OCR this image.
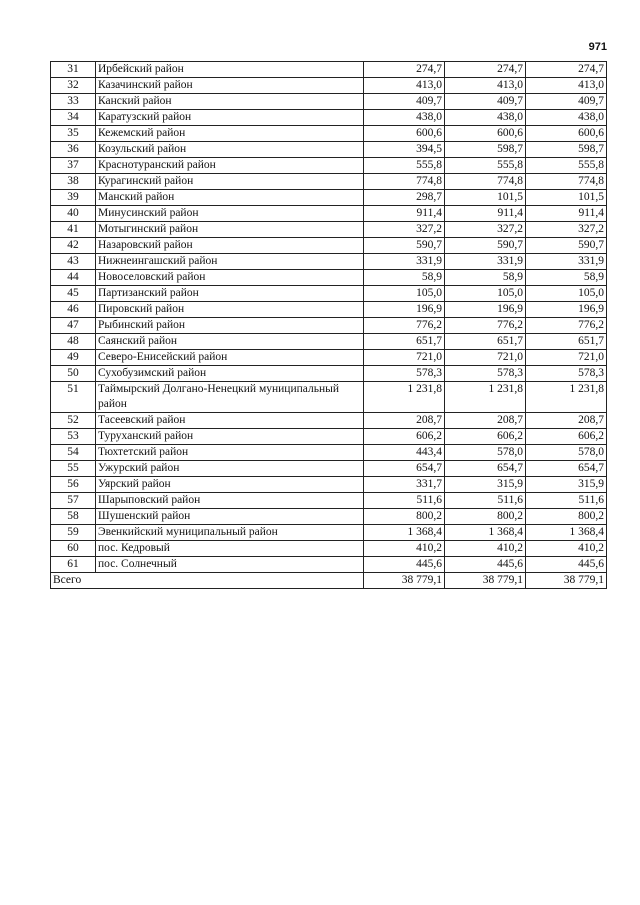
971
31	Ирбейский район	274,7	274,7	274,7
32	Казачинский район	413,0	413,0	413,0
33	Канский район	409,7	409,7	409,7
34	Каратузский район	438,0	438,0	438,0
35	Кежемский район	600,6	600,6	600,6
36	Козульский район	394,5	598,7	598,7
37	Краснотуранский район	555,8	555,8	555,8
38	Курагинский район	774,8	774,8	774,8
39	Манский район	298,7	101,5	101,5
40	Минусинский район	911,4	911,4	911,4
41	Мотыгинский район	327,2	327,2	327,2
42	Назаровский район	590,7	590,7	590,7
43	Нижнеингашский район	331,9	331,9	331,9
44	Новоселовский район	58,9	58,9	58,9
45	Партизанский район	105,0	105,0	105,0
46	Пировский район	196,9	196,9	196,9
47	Рыбинский район	776,2	776,2	776,2
48	Саянский район	651,7	651,7	651,7
49	Северо-Енисейский район	721,0	721,0	721,0
50	Сухобузимский район	578,3	578,3	578,3
51	Таймырский Долгано-Ненецкий муниципальный район	1 231,8	1 231,8	1 231,8
52	Тасеевский район	208,7	208,7	208,7
53	Туруханский район	606,2	606,2	606,2
54	Тюхтетский район	443,4	578,0	578,0
55	Ужурский район	654,7	654,7	654,7
56	Уярский район	331,7	315,9	315,9
57	Шарыповский район	511,6	511,6	511,6
58	Шушенский район	800,2	800,2	800,2
59	Эвенкийский муниципальный район	1 368,4	1 368,4	1 368,4
60	пос. Кедровый	410,2	410,2	410,2
61	пос. Солнечный	445,6	445,6	445,6
Всего		38 779,1	38 779,1	38 779,1
